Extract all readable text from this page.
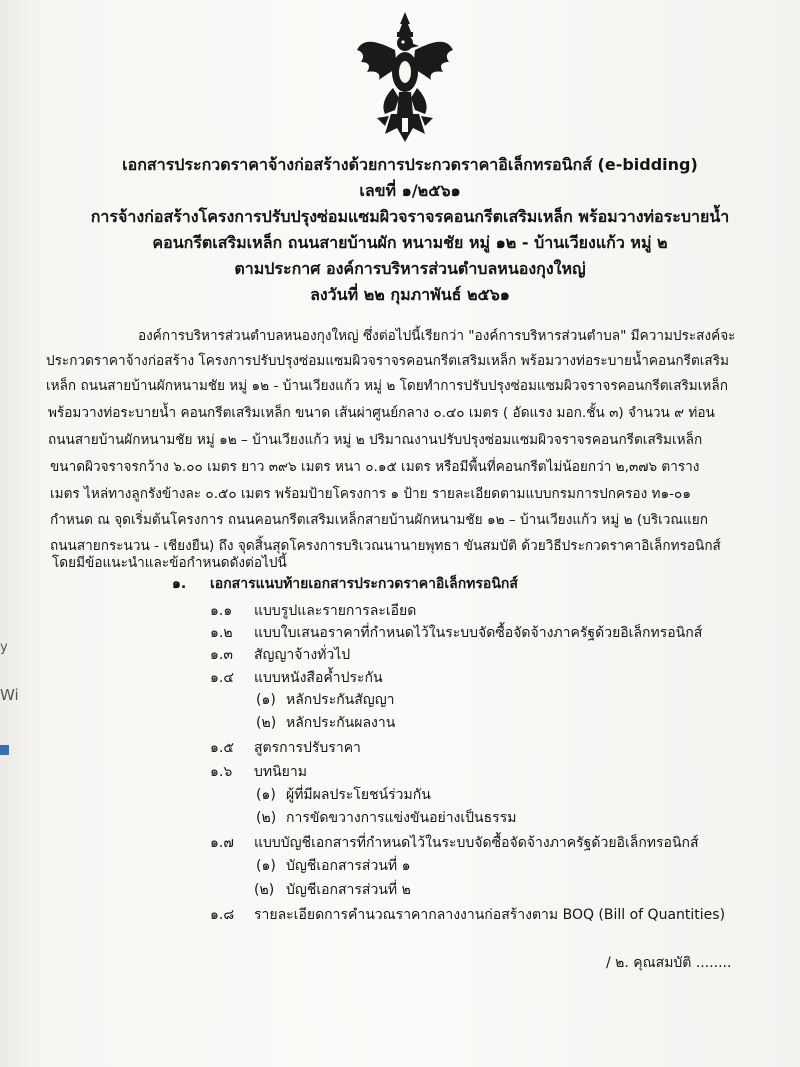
เอกสารประกวดราคาจ้างก่อสร้างด้วยการประกวดราคาอิเล็กทรอนิกส์ (e-bidding)
เลขที่ ๑/๒๕๖๑
การจ้างก่อสร้างโครงการปรับปรุงซ่อมแซมผิวจราจรคอนกรีตเสริมเหล็ก พร้อมวางท่อระบายน้ำ
คอนกรีตเสริมเหล็ก ถนนสายบ้านผัก หนามชัย หมู่ ๑๒ - บ้านเวียงแก้ว หมู่ ๒
ตามประกาศ องค์การบริหารส่วนตำบลหนองกุงใหญ่
ลงวันที่ ๒๒ กุมภาพันธ์ ๒๕๖๑
องค์การบริหารส่วนตำบลหนองกุงใหญ่ ซึ่งต่อไปนี้เรียกว่า "องค์การบริหารส่วนตำบล" มีความประสงค์จะ
ประกวดราคาจ้างก่อสร้าง โครงการปรับปรุงซ่อมแซมผิวจราจรคอนกรีตเสริมเหล็ก พร้อมวางท่อระบายน้ำคอนกรีตเสริม
เหล็ก ถนนสายบ้านผักหนามชัย หมู่ ๑๒ - บ้านเวียงแก้ว หมู่ ๒ โดยทำการปรับปรุงซ่อมแซมผิวจราจรคอนกรีตเสริมเหล็ก
พร้อมวางท่อระบายน้ำ คอนกรีตเสริมเหล็ก ขนาด เส้นผ่าศูนย์กลาง ๐.๔๐ เมตร ( อัดแรง มอก.ชั้น ๓) จำนวน ๙ ท่อน
ถนนสายบ้านผักหนามชัย หมู่ ๑๒ – บ้านเวียงแก้ว หมู่ ๒ ปริมาณงานปรับปรุงซ่อมแซมผิวจราจรคอนกรีตเสริมเหล็ก
ขนาดผิวจราจรกว้าง ๖.๐๐ เมตร ยาว ๓๙๖ เมตร หนา ๐.๑๕ เมตร หรือมีพื้นที่คอนกรีตไม่น้อยกว่า ๒,๓๗๖ ตาราง
เมตร ไหล่ทางลูกรังข้างละ ๐.๕๐ เมตร พร้อมป้ายโครงการ ๑ ป้าย รายละเอียดตามแบบกรมการปกครอง ท๑-๐๑
กำหนด ณ จุดเริ่มต้นโครงการ ถนนคอนกรีตเสริมเหล็กสายบ้านผักหนามชัย ๑๒ – บ้านเวียงแก้ว หมู่ ๒ (บริเวณแยก
ถนนสายกระนวน - เชียงยืน) ถึง จุดสิ้นสุดโครงการบริเวณนานายพุทธา ขันสมบัติ ด้วยวิธีประกวดราคาอิเล็กทรอนิกส์
โดยมีข้อแนะนำและข้อกำหนดดังต่อไปนี้
๑. เอกสารแนบท้ายเอกสารประกวดราคาอิเล็กทรอนิกส์
๑.๑ แบบรูปและรายการละเอียด
๑.๒ แบบใบเสนอราคาที่กำหนดไว้ในระบบจัดซื้อจัดจ้างภาครัฐด้วยอิเล็กทรอนิกส์
๑.๓ สัญญาจ้างทั่วไป
๑.๔ แบบหนังสือค้ำประกัน
(๑) หลักประกันสัญญา
(๒) หลักประกันผลงาน
๑.๕ สูตรการปรับราคา
๑.๖ บทนิยาม
(๑) ผู้ที่มีผลประโยชน์ร่วมกัน
(๒) การขัดขวางการแข่งขันอย่างเป็นธรรม
๑.๗ แบบบัญชีเอกสารที่กำหนดไว้ในระบบจัดซื้อจัดจ้างภาครัฐด้วยอิเล็กทรอนิกส์
(๑) บัญชีเอกสารส่วนที่ ๑
(๒) บัญชีเอกสารส่วนที่ ๒
๑.๘ รายละเอียดการคำนวณราคากลางงานก่อสร้างตาม BOQ (Bill of Quantities)
/ ๒. คุณสมบัติ ........
y
Wi
